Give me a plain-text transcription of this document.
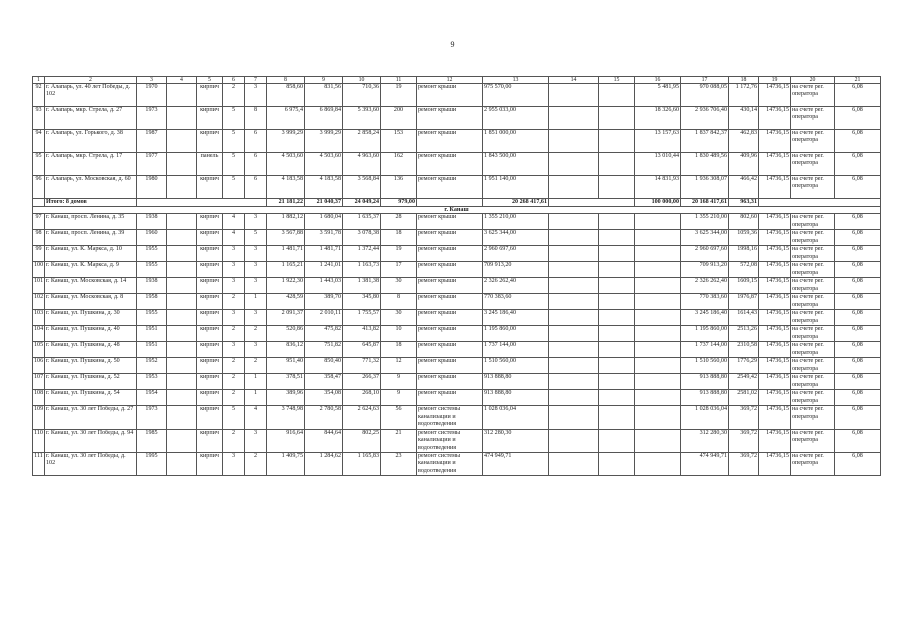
9
1	2	3	4	5	6	7	8	9	10	11	12	13	14	15	16	17	18	19	20	21
92	г. Алапарь, ул. 40 лет Победы, д. 102	1970		кирпич	2	3	858,60	831,56	710,36	19	ремонт крыши	975 570,00			5 481,95	970 088,05	1 172,76	14736,15	на счете рег. оператора	6,08
93	г. Алапарь, мкр. Стрела, д. 27	1973		кирпич	5	8	6 975,4	6 869,84	5 393,60	200	ремонт крыши	2 955 033,00			18 326,60	2 936 706,40	430,14	14736,15	на счете рег. оператора	6,08
94	г. Алапарь, ул. Горького, д. 38	1987		кирпич	5	6	3 999,29	3 999,29	2 858,24	153	ремонт крыши	1 851 000,00			13 157,63	1 837 842,37	462,83	14736,15	на счете рег. оператора	6,08
95	г. Алапарь, мкр. Стрела, д. 17	1977		панель	5	6	4 503,60	4 503,60	4 963,60	162	ремонт крыши	1 843 500,00			13 010,44	1 830 489,56	409,96	14736,15	на счете рег. оператора	6,08
96	г. Алапарь, ул. Московская, д. 60	1980		кирпич	5	6	4 183,58	4 183,58	3 568,84	136	ремонт крыши	1 951 140,00			14 831,93	1 936 308,07	466,42	14736,15	на счете рег. оператора	6,08
	Итого: 8 домов						21 181,22	21 040,37	24 049,24	979,00		20 268 417,61			100 000,00	20 168 417,61	963,31			
г. Канаш																				
97	г. Канаш, просп. Ленина, д. 35	1938		кирпич	4	3	1 882,12	1 680,04	1 635,37	28	ремонт крыши	1 355 210,00				1 355 210,00	802,60	14736,15	на счете рег. оператора	6,08
98	г. Канаш, просп. Ленина, д. 39	1960		кирпич	4	5	3 567,88	3 591,78	3 078,38	18	ремонт крыши	3 625 344,00				3 625 344,00	1059,36	14736,15	на счете рег. оператора	6,08
99	г. Канаш, ул. К. Маркса, д. 10	1955		кирпич	3	3	1 481,71	1 481,71	1 372,44	19	ремонт крыши	2 960 697,60				2 960 697,60	1998,16	14736,15	на счете рег. оператора	6,08
100	г. Канаш, ул. К. Маркса, д. 9	1955		кирпич	3	3	1 165,21	1 241,01	1 163,73	17	ремонт крыши	709 913,20				709 913,20	572,08	14736,15	на счете рег. оператора	6,08
101	г. Канаш, ул. Московская, д. 14	1938		кирпич	3	3	1 922,30	1 443,03	1 381,38	30	ремонт крыши	2 326 262,40				2 326 262,40	1609,15	14736,15	на счете рег. оператора	6,08
102	г. Канаш, ул. Московская, д. 8	1958		кирпич	2	1	428,59	389,70	345,80	8	ремонт крыши	770 383,60				770 383,60	1976,87	14736,15	на счете рег. оператора	6,08
103	г. Канаш, ул. Пушкина, д. 30	1955		кирпич	3	3	2 091,37	2 010,11	1 755,57	30	ремонт крыши	3 245 186,40				3 245 186,40	1614,43	14736,15	на счете рег. оператора	6,08
104	г. Канаш, ул. Пушкина, д. 40	1951		кирпич	2	2	520,86	475,82	413,82	10	ремонт крыши	1 195 860,00				1 195 860,00	2513,26	14736,15	на счете рег. оператора	6,08
105	г. Канаш, ул. Пушкина, д. 48	1951		кирпич	3	3	836,12	751,82	645,87	18	ремонт крыши	1 737 144,00				1 737 144,00	2310,58	14736,15	на счете рег. оператора	6,08
106	г. Канаш, ул. Пушкина, д. 50	1952		кирпич	2	2	951,40	850,40	771,32	12	ремонт крыши	1 510 560,00				1 510 560,00	1776,29	14736,15	на счете рег. оператора	6,08
107	г. Канаш, ул. Пушкина, д. 52	1953		кирпич	2	1	378,51	358,47	266,37	9	ремонт крыши	913 888,80				913 888,80	2549,42	14736,15	на счете рег. оператора	6,08
108	г. Канаш, ул. Пушкина, д. 54	1954		кирпич	2	1	389,96	354,08	268,10	9	ремонт крыши	913 888,80				913 888,80	2581,02	14736,15	на счете рег. оператора	6,08
109	г. Канаш, ул. 30 лет Победы, д. 27	1973		кирпич	5	4	3 748,98	2 780,58	2 624,63	56	ремонт системы канализации и водоотведения	1 028 036,04				1 028 036,04	369,72	14736,15	на счете рег. оператора	6,08
110	г. Канаш, ул. 30 лет Победы, д. 94	1985		кирпич	2	3	916,64	844,64	802,25	21	ремонт системы канализации и водоотведения	312 280,30				312 280,30	369,72	14736,15	на счете рег. оператора	6,08
111	г. Канаш, ул. 30 лет Победы, д. 102	1995		кирпич	3	2	1 409,75	1 284,62	1 165,83	23	ремонт системы канализации и водоотведения	474 949,71				474 949,71	369,72	14736,15	на счете рег. оператора	6,08
